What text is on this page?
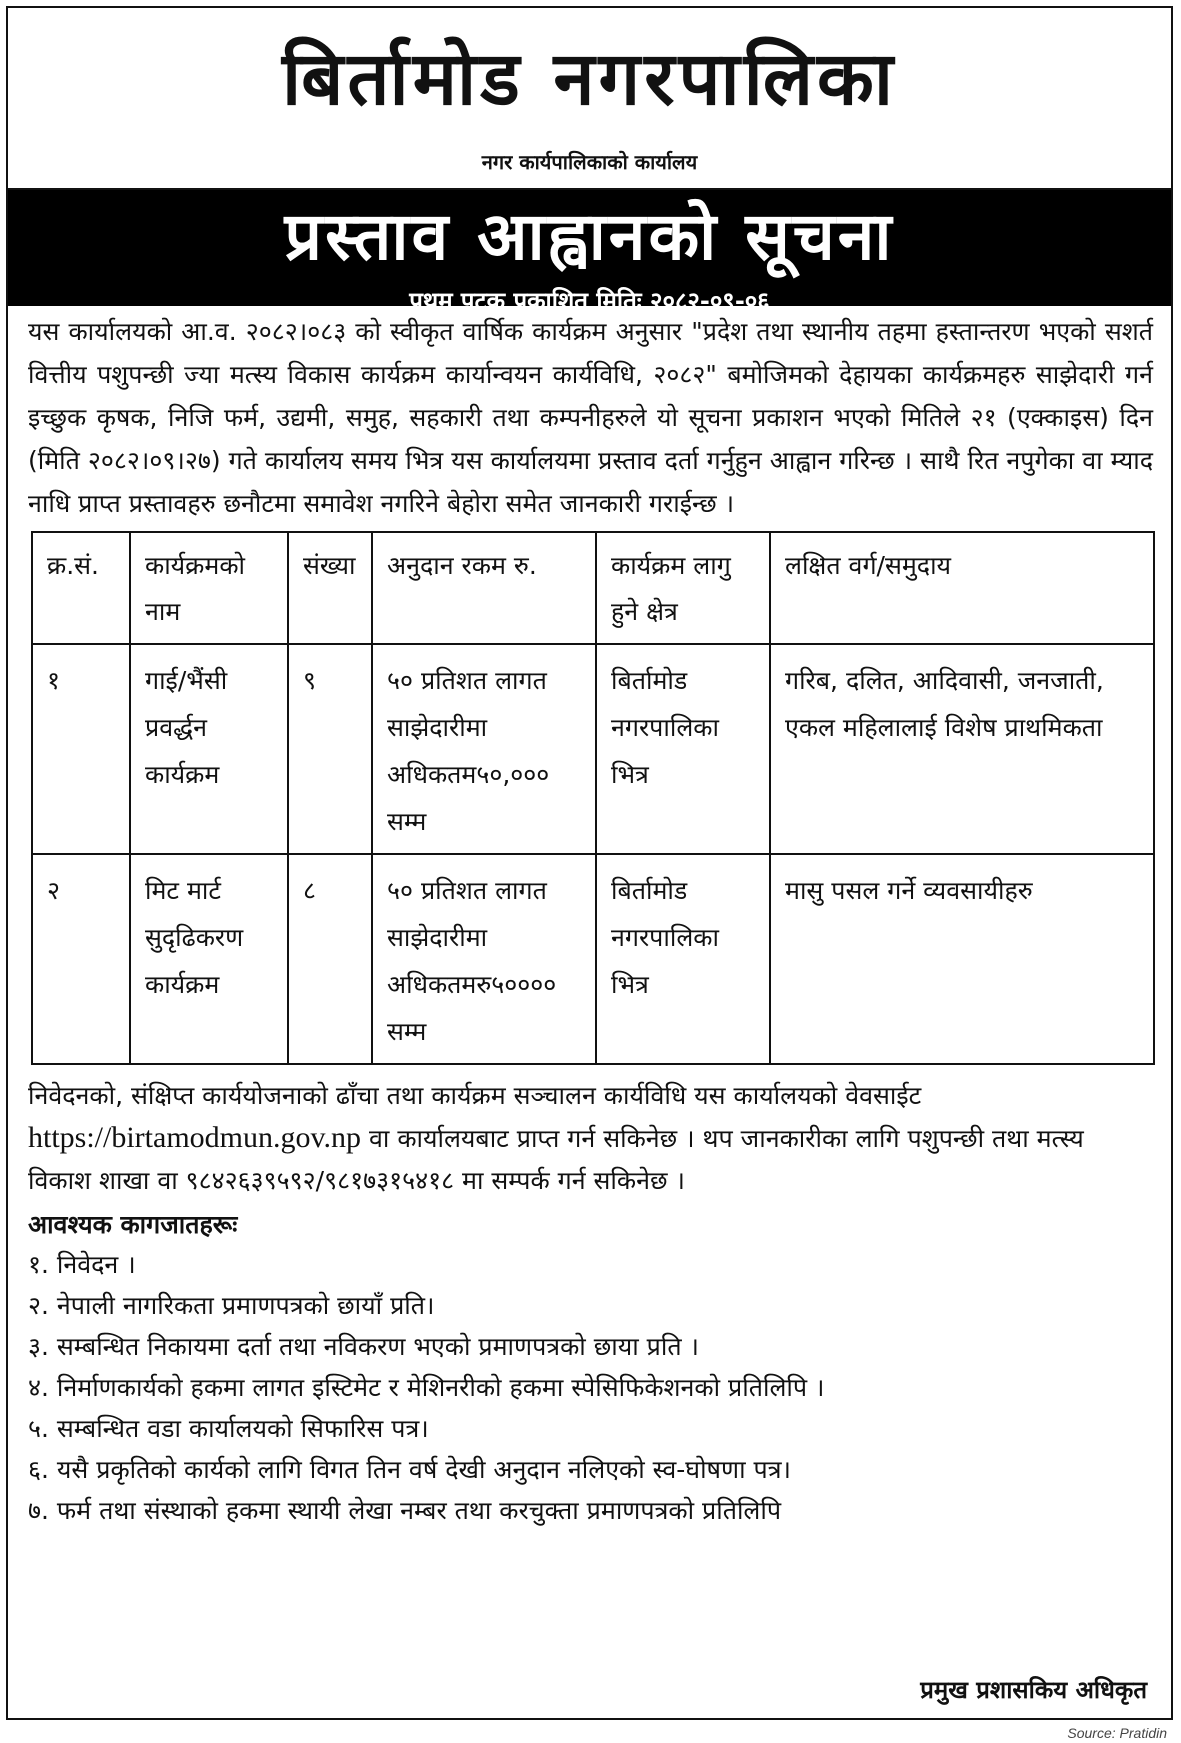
बिर्तामोड नगरपालिका
नगर कार्यपालिकाको कार्यालय
प्रस्ताव आह्वानको सूचना
प्रथम पटक प्रकाशित मितिः २०८२-०९-०६
यस कार्यालयको आ.व. २०८२।०८३ को स्वीकृत वार्षिक कार्यक्रम अनुसार "प्रदेश तथा स्थानीय तहमा हस्तान्तरण भएको सशर्त वित्तीय पशुपन्छी ज्या मत्स्य विकास कार्यक्रम कार्यान्वयन कार्यविधि, २०८२" बमोजिमको देहायका कार्यक्रमहरु साझेदारी गर्न इच्छुक कृषक, निजि फर्म, उद्यमी, समुह, सहकारी तथा कम्पनीहरुले यो सूचना प्रकाशन भएको मितिले २१ (एक्काइस) दिन (मिति २०८२।०९।२७) गते कार्यालय समय भित्र यस कार्यालयमा प्रस्ताव दर्ता गर्नुहुन आह्वान गरिन्छ । साथै रित नपुगेका वा म्याद नाधि प्राप्त प्रस्तावहरु छनौटमा समावेश नगरिने बेहोरा समेत जानकारी गराईन्छ ।
क्र.सं.	कार्यक्रमको नाम	संख्या	अनुदान रकम रु.	कार्यक्रम लागु हुने क्षेत्र	लक्षित वर्ग/समुदाय
१	गाई/भैंसी प्रवर्द्धन कार्यक्रम	९	५० प्रतिशत लागत साझेदारीमा अधिकतम५०,००० सम्म	बिर्तामोड नगरपालिका भित्र	गरिब, दलित, आदिवासी, जनजाती, एकल महिलालाई विशेष प्राथमिकता
२	मिट मार्ट सुदृढिकरण कार्यक्रम	८	५० प्रतिशत लागत साझेदारीमा अधिकतमरु५०००० सम्म	बिर्तामोड नगरपालिका भित्र	मासु पसल गर्ने व्यवसायीहरु
निवेदनको, संक्षिप्त कार्ययोजनाको ढाँचा तथा कार्यक्रम सञ्चालन कार्यविधि यस कार्यालयको वेवसाईट https://birtamodmun.gov.np वा कार्यालयबाट प्राप्त गर्न सकिनेछ । थप जानकारीका लागि पशुपन्छी तथा मत्स्य विकाश शाखा वा ९८४२६३९५९२/९८१७३१५४१८ मा सम्पर्क गर्न सकिनेछ ।
आवश्यक कागजातहरूः
१. निवेदन ।
२. नेपाली नागरिकता प्रमाणपत्रको छायाँ प्रति।
३. सम्बन्धित निकायमा दर्ता तथा नविकरण भएको प्रमाणपत्रको छाया प्रति ।
४. निर्माणकार्यको हकमा लागत इस्टिमेट र मेशिनरीको हकमा स्पेसिफिकेशनको प्रतिलिपि ।
५. सम्बन्धित वडा कार्यालयको सिफारिस पत्र।
६. यसै प्रकृतिको कार्यको लागि विगत तिन वर्ष देखी अनुदान नलिएको स्व-घोषणा पत्र।
७. फर्म तथा संस्थाको हकमा स्थायी लेखा नम्बर तथा करचुक्ता प्रमाणपत्रको प्रतिलिपि
प्रमुख प्रशासकिय अधिकृत
Source: Pratidin
